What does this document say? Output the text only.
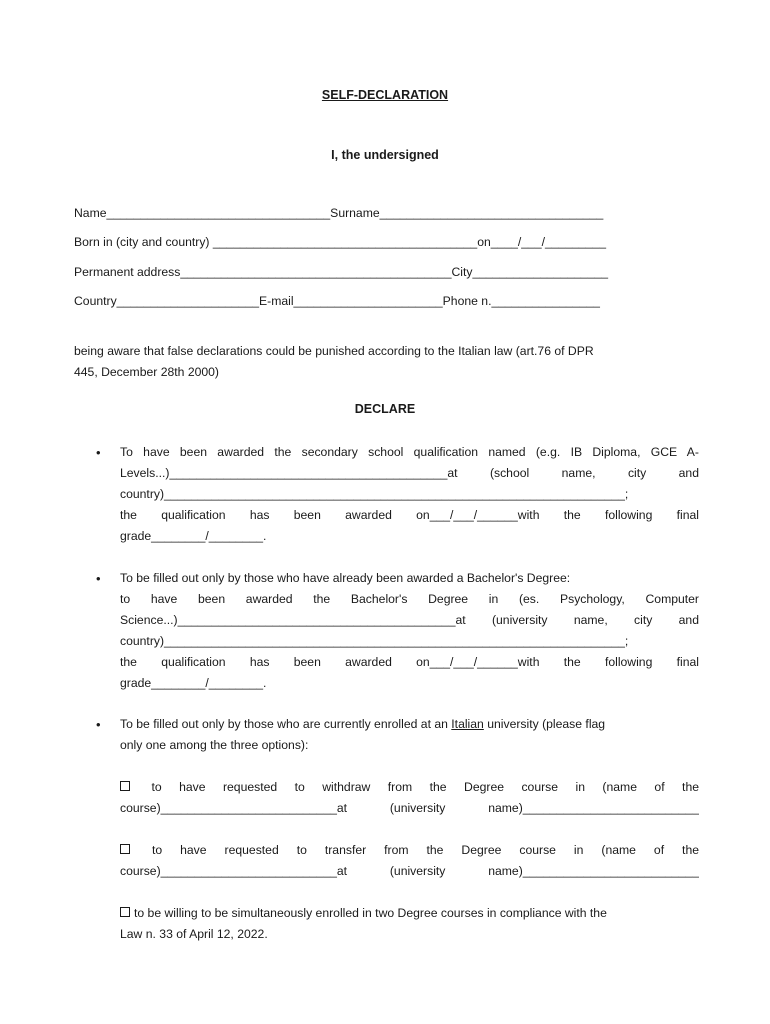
SELF-DECLARATION
I, the undersigned
Name_________________________________Surname_________________________________
Born in (city and country) _______________________________________on____/___/_________
Permanent address________________________________________City____________________
Country_____________________E-mail______________________Phone n.________________
being aware that false declarations could be punished according to the Italian law (art.76 of DPR
445, December 28th 2000)
DECLARE
•	To have been awarded the secondary school qualification named (e.g. IB Diploma, GCE A-
Levels...)_________________________________________at (school name, city and
country)____________________________________________________________________;
the qualification has been awarded on___/___/______with the following final
grade________/________.
•	To be filled out only by those who have already been awarded a Bachelor's Degree:
to have been awarded the Bachelor's Degree in (es. Psychology, Computer
Science...)_________________________________________at (university name, city and
country)____________________________________________________________________;
the qualification has been awarded on___/___/______with the following final
grade________/________.
•	To be filled out only by those who are currently enrolled at an Italian university (please flag
only one among the three options):
to have requested to withdraw from the Degree course in (name of the
course)__________________________at (university name)__________________________
to have requested to transfer from the Degree course in (name of the
course)__________________________at (university name)__________________________
to be willing to be simultaneously enrolled in two Degree courses in compliance with the
Law n. 33 of April 12, 2022.
